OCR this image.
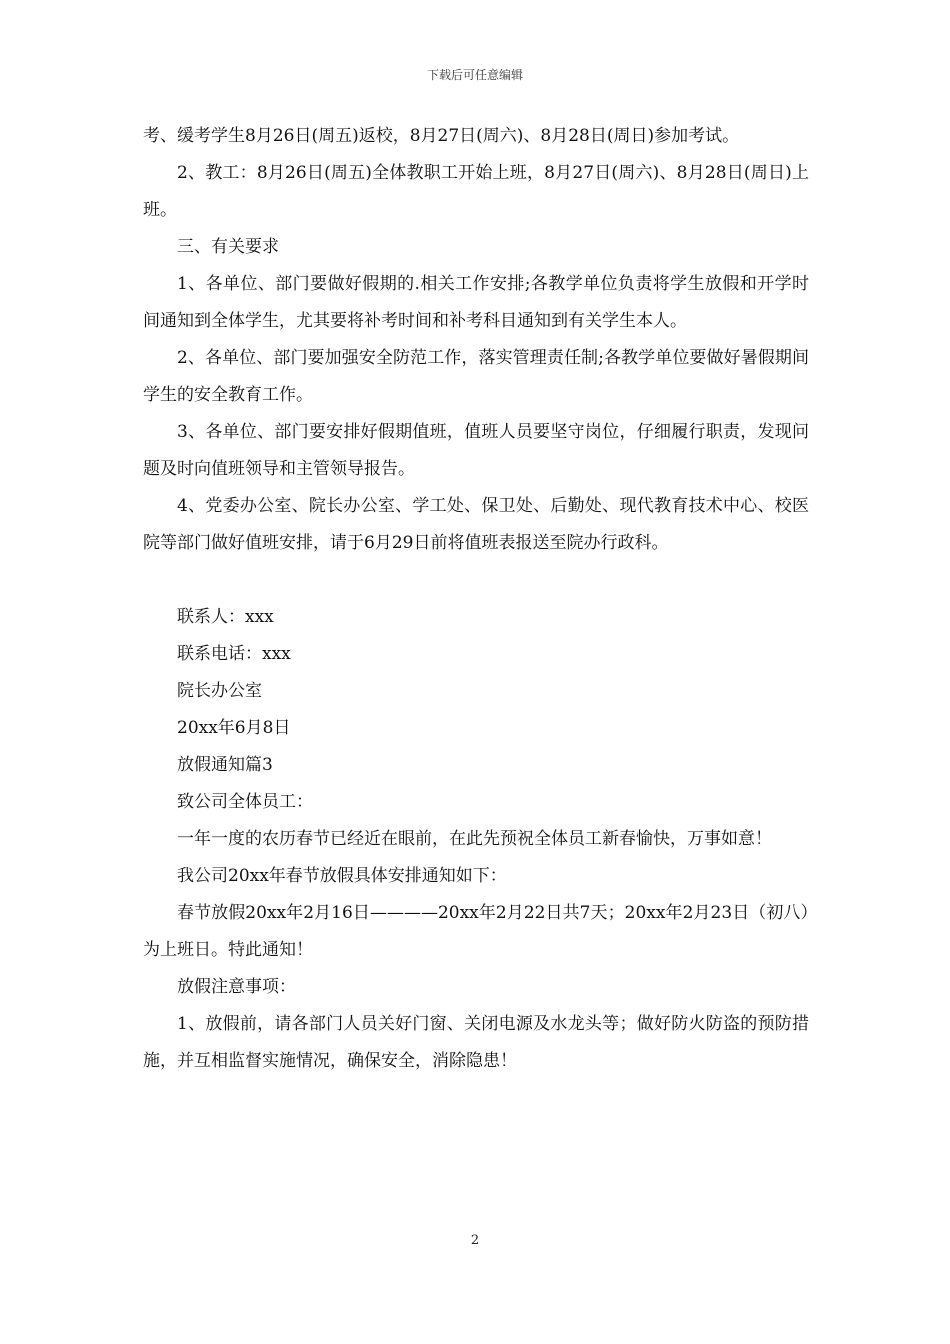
下载后可任意编辑

考、缓考学生8月26日(周五)返校，8月27日(周六)、8月28日(周日)参加考试。

2、教工：8月26日(周五)全体教职工开始上班，8月27日(周六)、8月28日(周日)上班。

三、有关要求

1、各单位、部门要做好假期的.相关工作安排;各教学单位负责将学生放假和开学时间通知到全体学生，尤其要将补考时间和补考科目通知到有关学生本人。

2、各单位、部门要加强安全防范工作，落实管理责任制;各教学单位要做好暑假期间学生的安全教育工作。

3、各单位、部门要安排好假期值班，值班人员要坚守岗位，仔细履行职责，发现问题及时向值班领导和主管领导报告。

4、党委办公室、院长办公室、学工处、保卫处、后勤处、现代教育技术中心、校医院等部门做好值班安排，请于6月29日前将值班表报送至院办行政科。

联系人：xxx

联系电话：xxx

院长办公室

20xx年6月8日

放假通知篇3

致公司全体员工：

一年一度的农历春节已经近在眼前，在此先预祝全体员工新春愉快，万事如意！

我公司20xx年春节放假具体安排通知如下：

春节放假20xx年2月16日————20xx年2月22日共7天；20xx年2月23日（初八）为上班日。特此通知！

放假注意事项：

1、放假前，请各部门人员关好门窗、关闭电源及水龙头等；做好防火防盗的预防措施，并互相监督实施情况，确保安全，消除隐患！

2
